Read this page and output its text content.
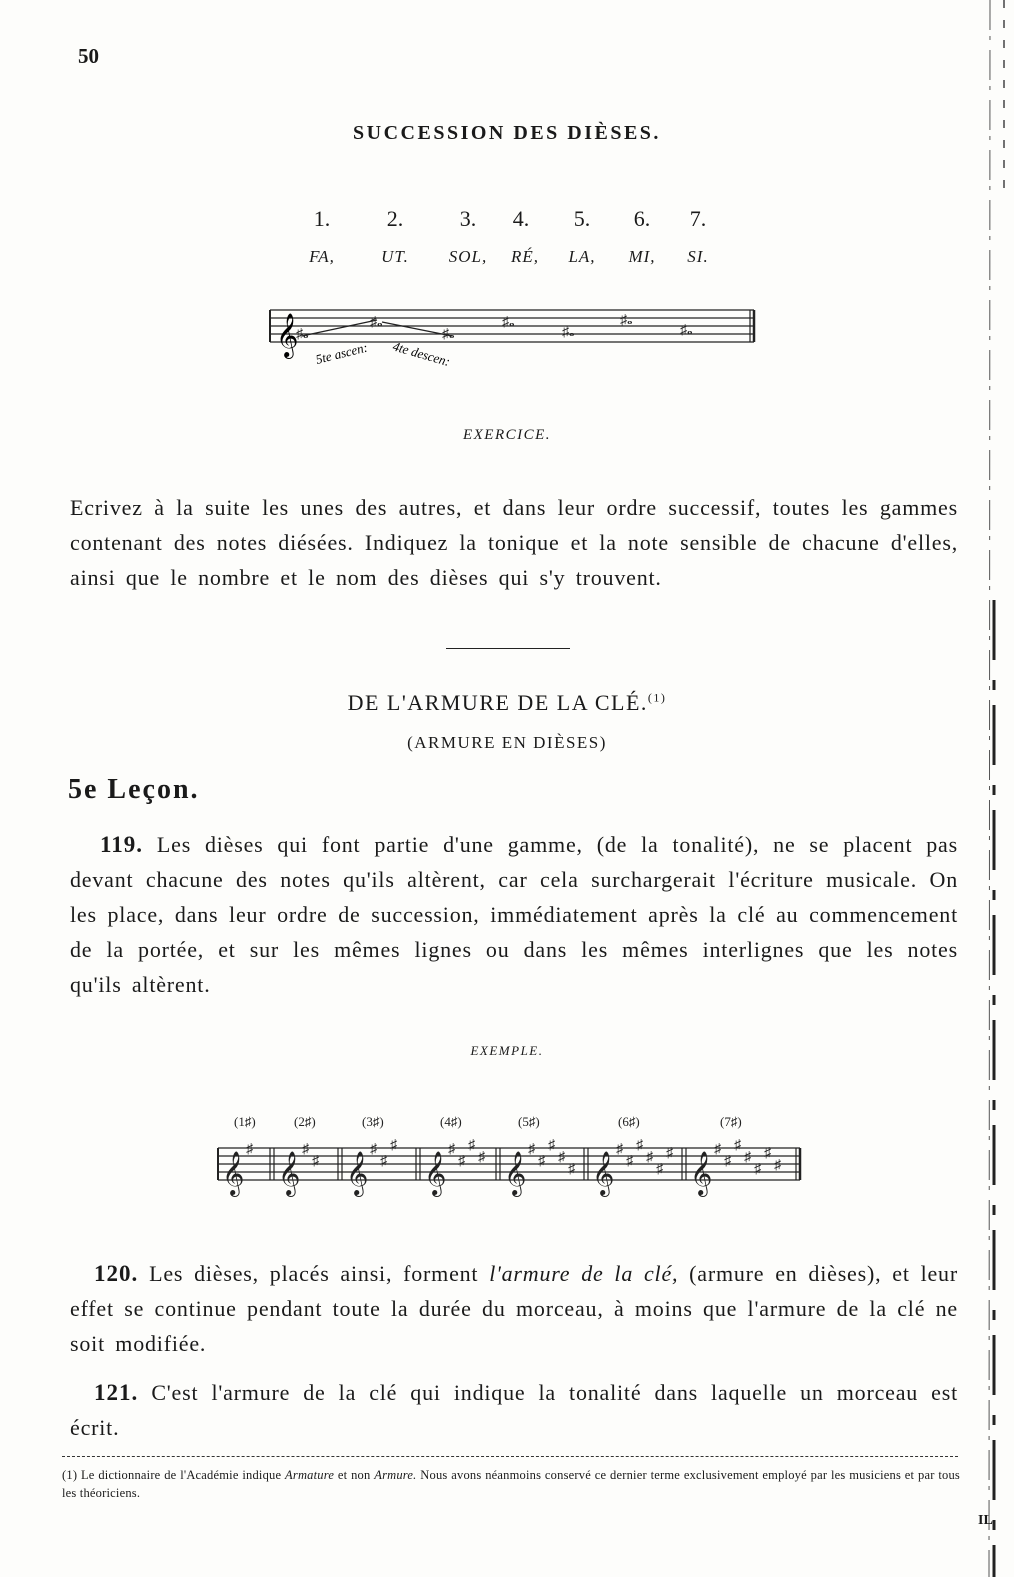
50
SUCCESSION DES DIÈSES.
1.	2.	3.	4.	5.	6.	7.
FA,	UT.	SOL,	RÉ,	LA,	MI,	SI.
𝄞
♯𝅝
♯𝅝
♯𝅝
♯𝅝
♯𝅝
♯𝅝
♯𝅝
5te ascen: 4te descen:
EXERCICE.
Ecrivez à la suite les unes des autres, et dans leur ordre successif, toutes les gammes contenant des notes diésées. Indiquez la tonique et la note sensible de chacune d'elles, ainsi que le nombre et le nom des dièses qui s'y trouvent.
DE L'ARMURE DE LA CLÉ.$^{(1)}$
(ARMURE EN DIÈSES)
5e Leçon.
119. Les dièses qui font partie d'une gamme, (de la tonalité), ne se placent pas devant chacune des notes qu'ils altèrent, car cela surchargerait l'écriture musicale. On les place, dans leur ordre de succession, immédiatement après la clé au commencement de la portée, et sur les mêmes lignes ou dans les mêmes interlignes que les notes qu'ils altèrent.
EXEMPLE.
(1♯)	(2♯)	(3♯)	(4♯)	(5♯)	(6♯)	(7♯)
𝄞 𝄞 𝄞 𝄞 𝄞 𝄞 𝄞
♯	♯
♯
♯
♯
♯	♯
♯
♯
♯
♯
♯
♯
♯
♯
♯
♯
♯
♯
♯
♯	♯
♯
♯
♯
♯
♯
♯
120. Les dièses, placés ainsi, forment l'armure de la clé, (armure en dièses), et leur effet se continue pendant toute la durée du morceau, à moins que l'armure de la clé ne soit modifiée.
121. C'est l'armure de la clé qui indique la tonalité dans laquelle un morceau est écrit.
(1) Le dictionnaire de l'Académie indique Armature et non Armure. Nous avons néanmoins conservé ce dernier terme exclusivement employé par les musiciens et par tous les théoriciens.
IL
